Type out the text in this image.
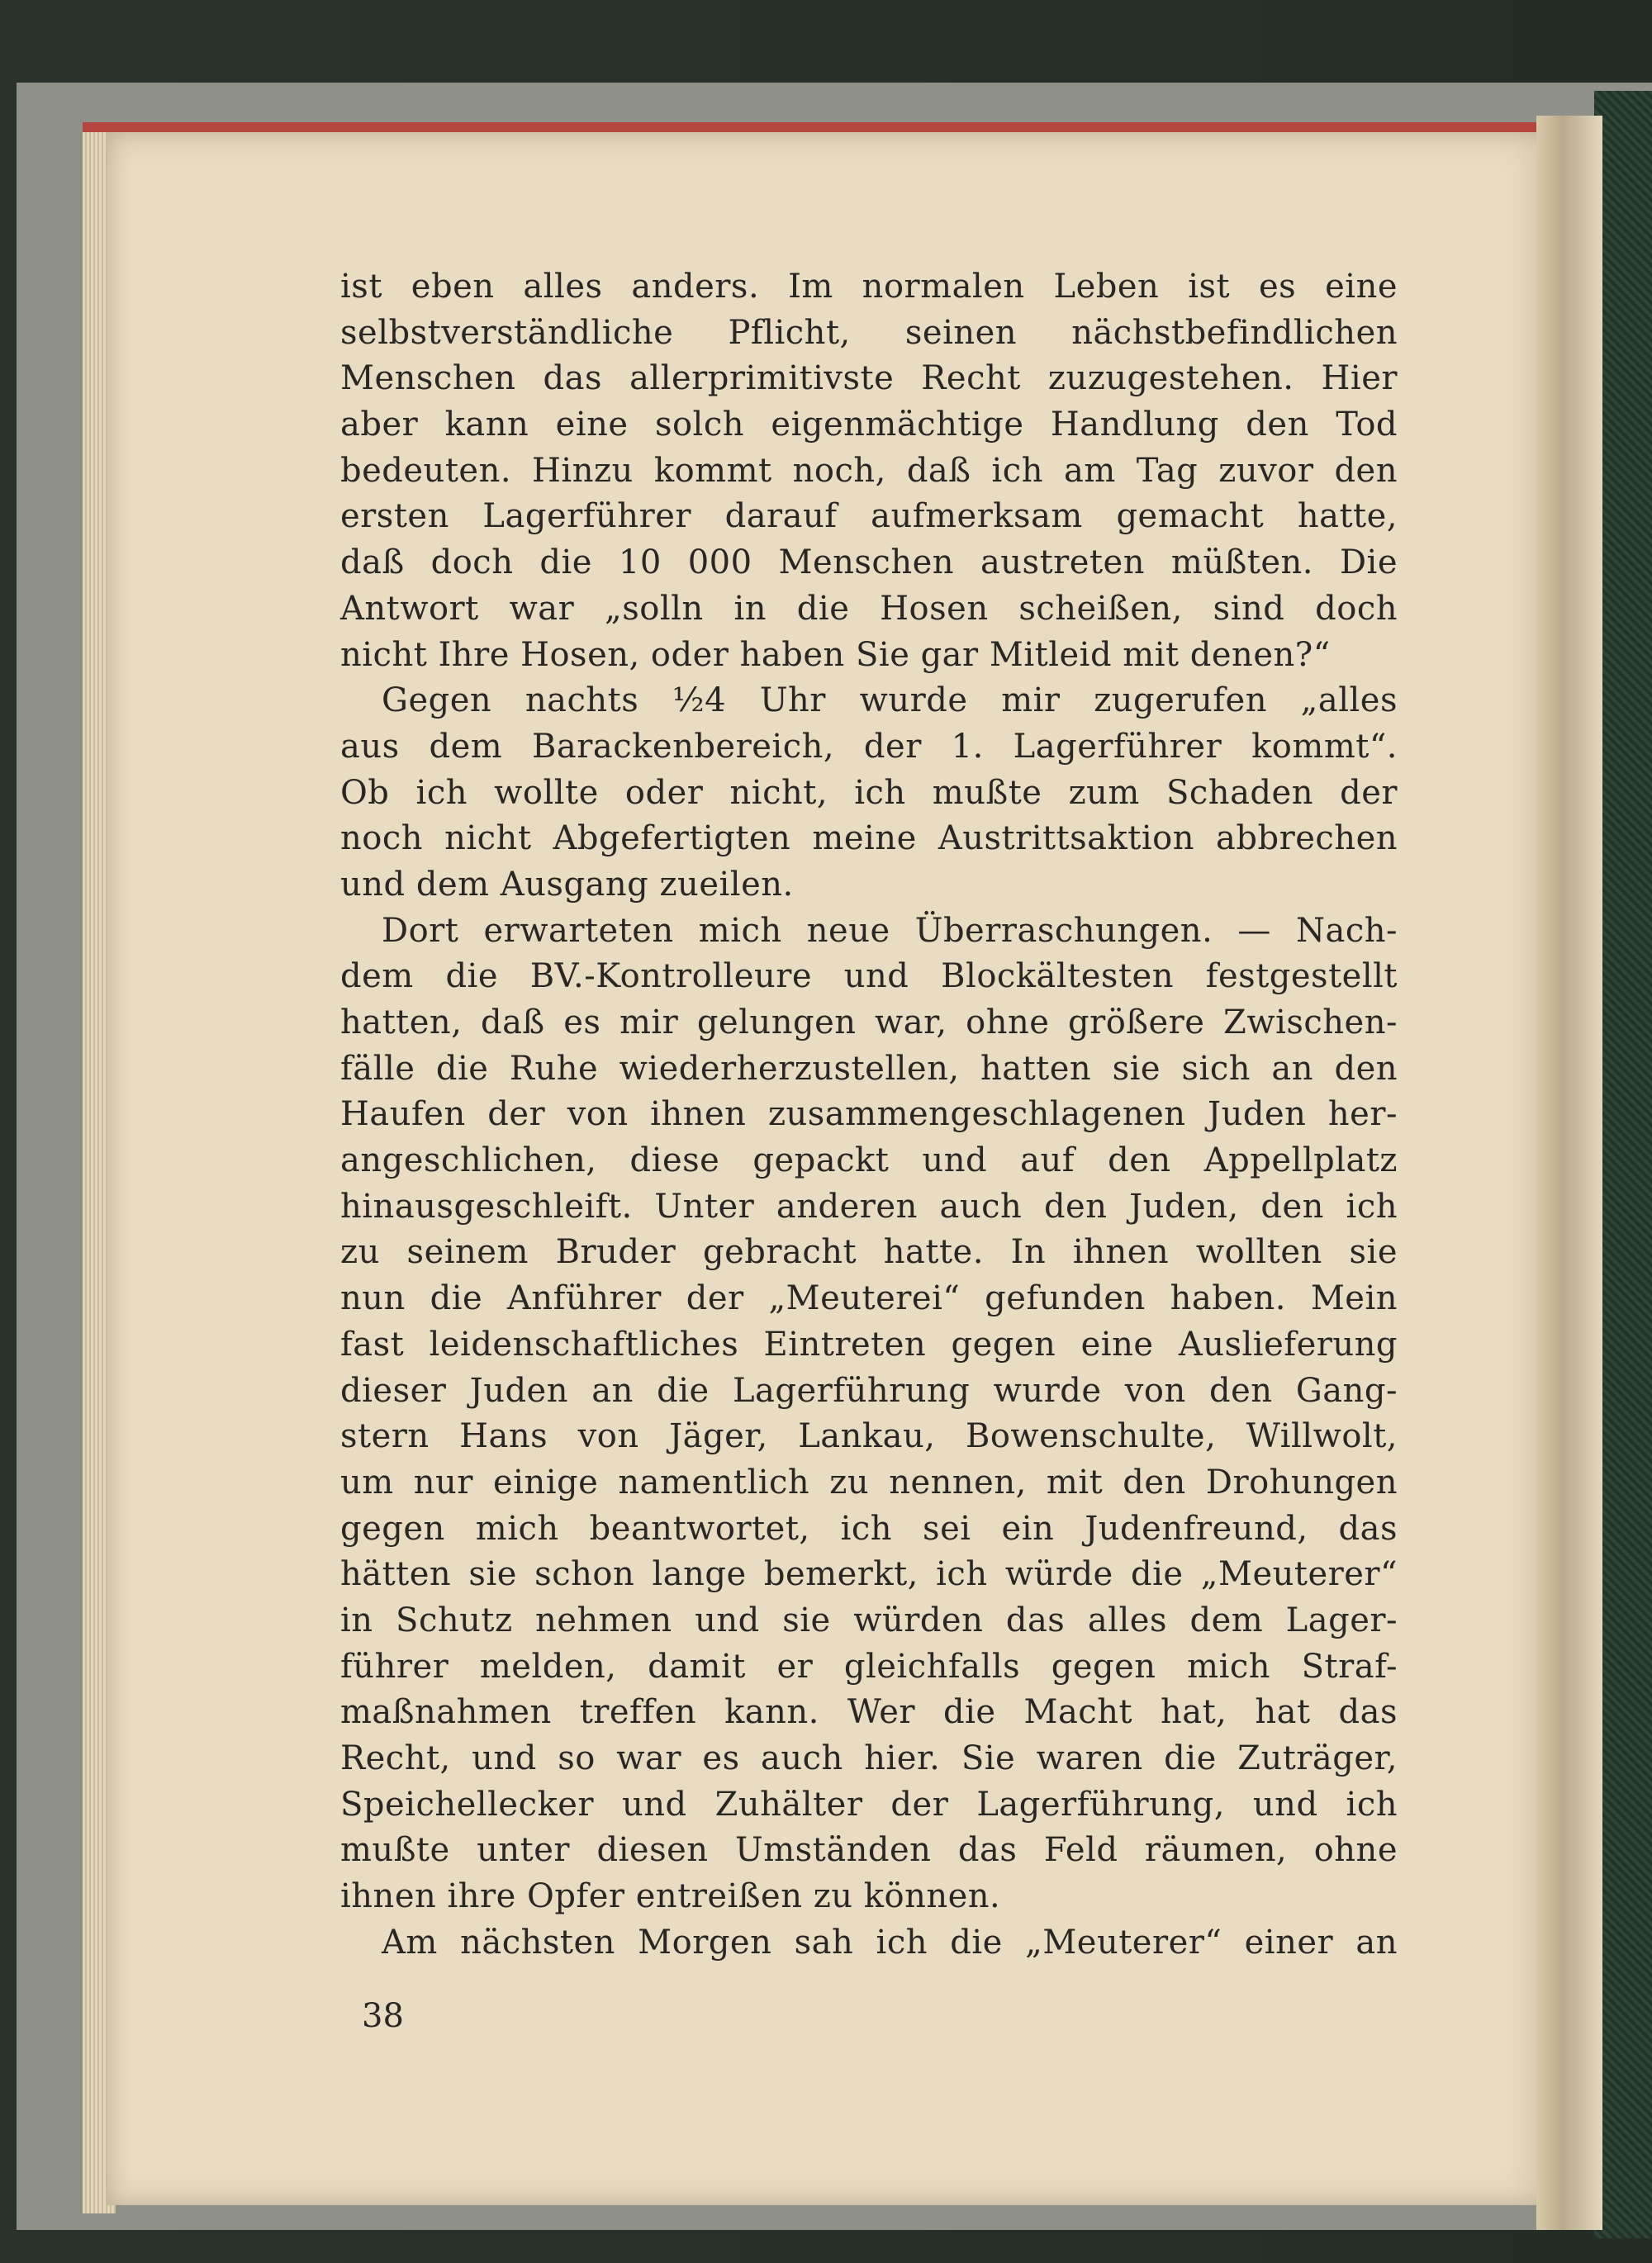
ist eben alles anders. Im normalen Leben ist es eine
selbstverständliche Pflicht, seinen nächstbefindlichen
Menschen das allerprimitivste Recht zuzugestehen. Hier
aber kann eine solch eigenmächtige Handlung den Tod
bedeuten. Hinzu kommt noch, daß ich am Tag zuvor den
ersten Lagerführer darauf aufmerksam gemacht hatte,
daß doch die 10 000 Menschen austreten müßten. Die
Antwort war „solln in die Hosen scheißen, sind doch
nicht Ihre Hosen, oder haben Sie gar Mitleid mit denen?“
Gegen nachts ½4 Uhr wurde mir zugerufen „alles
aus dem Barackenbereich, der 1. Lagerführer kommt“.
Ob ich wollte oder nicht, ich mußte zum Schaden der
noch nicht Abgefertigten meine Austrittsaktion abbrechen
und dem Ausgang zueilen.
Dort erwarteten mich neue Überraschungen. — Nach-
dem die BV.-Kontrolleure und Blockältesten festgestellt
hatten, daß es mir gelungen war, ohne größere Zwischen-
fälle die Ruhe wiederherzustellen, hatten sie sich an den
Haufen der von ihnen zusammengeschlagenen Juden her-
angeschlichen, diese gepackt und auf den Appellplatz
hinausgeschleift. Unter anderen auch den Juden, den ich
zu seinem Bruder gebracht hatte. In ihnen wollten sie
nun die Anführer der „Meuterei“ gefunden haben. Mein
fast leidenschaftliches Eintreten gegen eine Auslieferung
dieser Juden an die Lagerführung wurde von den Gang-
stern Hans von Jäger, Lankau, Bowenschulte, Willwolt,
um nur einige namentlich zu nennen, mit den Drohungen
gegen mich beantwortet, ich sei ein Judenfreund, das
hätten sie schon lange bemerkt, ich würde die „Meuterer“
in Schutz nehmen und sie würden das alles dem Lager-
führer melden, damit er gleichfalls gegen mich Straf-
maßnahmen treffen kann. Wer die Macht hat, hat das
Recht, und so war es auch hier. Sie waren die Zuträger,
Speichellecker und Zuhälter der Lagerführung, und ich
mußte unter diesen Umständen das Feld räumen, ohne
ihnen ihre Opfer entreißen zu können.
Am nächsten Morgen sah ich die „Meuterer“ einer an
38
